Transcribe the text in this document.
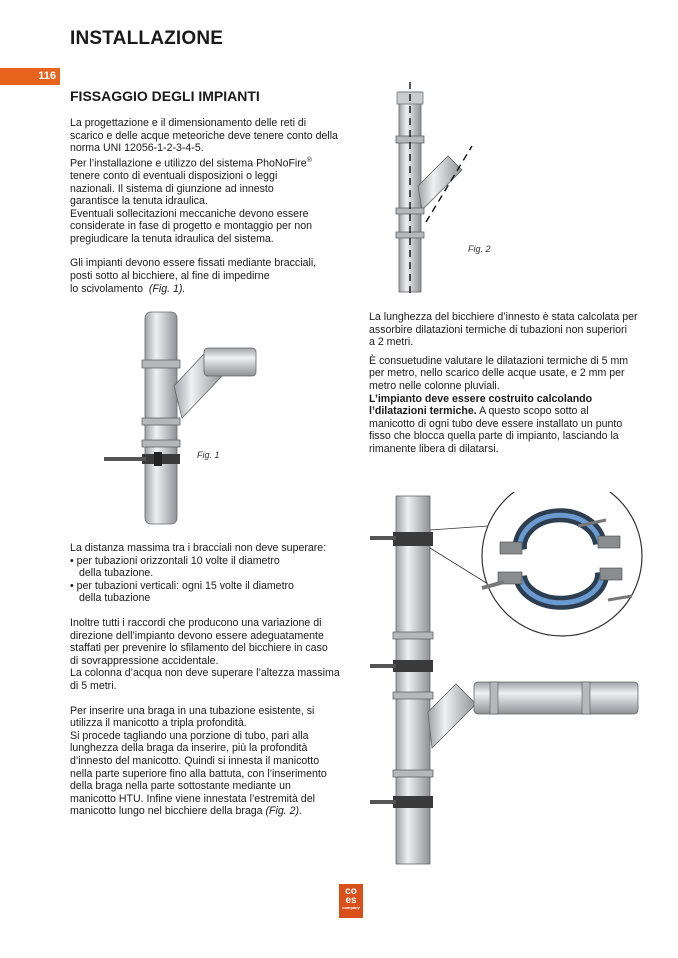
INSTALLAZIONE
116
FISSAGGIO DEGLI IMPIANTI

La progettazione e il dimensionamento delle reti di

scarico e delle acque meteoriche deve tenere conto della

norma UNI 12056-1-2-3-4-5.

Per l’installazione e utilizzo del sistema PhoNoFire®

tenere conto di eventuali disposizioni o leggi

nazionali. Il sistema di giunzione ad innesto

garantisce la tenuta idraulica.

Eventuali sollecitazioni meccaniche devono essere

considerate in fase di progetto e montaggio per non

pregiudicare la tenuta idraulica del sistema.

Gli impianti devono essere fissati mediante bracciali,

posti sotto al bicchiere, al fine di impedirne

lo scivolamento (Fig. 1).

Fig. 1
Fig. 2

La lunghezza del bicchiere d’innesto è stata calcolata per

assorbire dilatazioni termiche di tubazioni non superiori

a 2 metri.

È consuetudine valutare le dilatazioni termiche di 5 mm

per metro, nello scarico delle acque usate, e 2 mm per

metro nelle colonne pluviali.

L’impianto deve essere costruito calcolando

l’dilatazioni termiche. A questo scopo sotto al

manicotto di ogni tubo deve essere installato un punto

fisso che blocca quella parte di impianto, lasciando la

rimanente libera di dilatarsi.

La distanza massima tra i bracciali non deve superare:

• per tubazioni orizzontali 10 volte il diametro

della tubazione.

• per tubazioni verticali: ogni 15 volte il diametro

della tubazione

Inoltre tutti i raccordi che producono una variazione di

direzione dell’impianto devono essere adeguatamente

staffati per prevenire lo sfilamento del bicchiere in caso

di sovrappressione accidentale.

La colonna d’acqua non deve superare l’altezza massima

di 5 metri.

Per inserire una braga in una tubazione esistente, si

utilizza il manicotto a tripla profondità.

Si procede tagliando una porzione di tubo, pari alla

lunghezza della braga da inserire, più la profondità

d’innesto del manicotto. Quindi si innesta il manicotto

nella parte superiore fino alla battuta, con l’inserimento

della braga nella parte sottostante mediante un

manicotto HTU. Infine viene innestata l’estremità del

manicotto lungo nel bicchiere della braga (Fig. 2).

co
es
company
